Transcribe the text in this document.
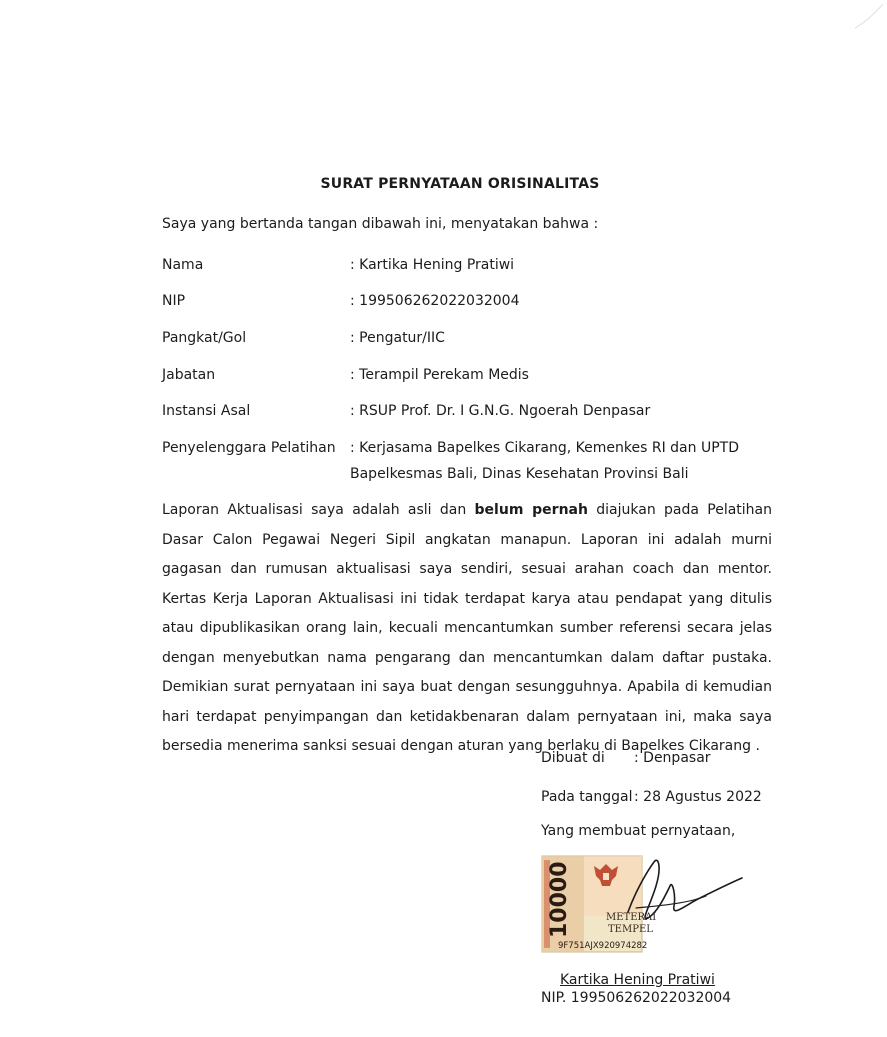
SURAT PERNYATAAN ORISINALITAS
Saya yang bertanda tangan dibawah ini, menyatakan bahwa :
Nama	: Kartika Hening Pratiwi
NIP	: 199506262022032004
Pangkat/Gol	: Pengatur/IIC
Jabatan	: Terampil Perekam Medis
Instansi Asal	: RSUP Prof. Dr. I G.N.G. Ngoerah Denpasar
Penyelenggara Pelatihan : Kerjasama Bapelkes Cikarang, Kemenkes RI dan UPTD
Bapelkesmas Bali, Dinas Kesehatan Provinsi Bali
Laporan Aktualisasi saya adalah asli dan belum pernah diajukan pada Pelatihan Dasar Calon Pegawai Negeri Sipil angkatan manapun. Laporan ini adalah murni gagasan dan rumusan aktualisasi saya sendiri, sesuai arahan coach dan mentor. Kertas Kerja Laporan Aktualisasi ini tidak terdapat karya atau pendapat yang ditulis atau dipublikasikan orang lain, kecuali mencantumkan sumber referensi secara jelas dengan menyebutkan nama pengarang dan mencantumkan dalam daftar pustaka. Demikian surat pernyataan ini saya buat dengan sesungguhnya. Apabila di kemudian hari terdapat penyimpangan dan ketidakbenaran dalam pernyataan ini, maka saya bersedia menerima sanksi sesuai dengan aturan yang berlaku di Bapelkes Cikarang .
Dibuat di : Denpasar
Pada tanggal : 28 Agustus 2022
Yang membuat pernyataan,
10000	METERAI
TEMPEL
9F751AJX920974282
Kartika Hening Pratiwi
NIP. 199506262022032004
